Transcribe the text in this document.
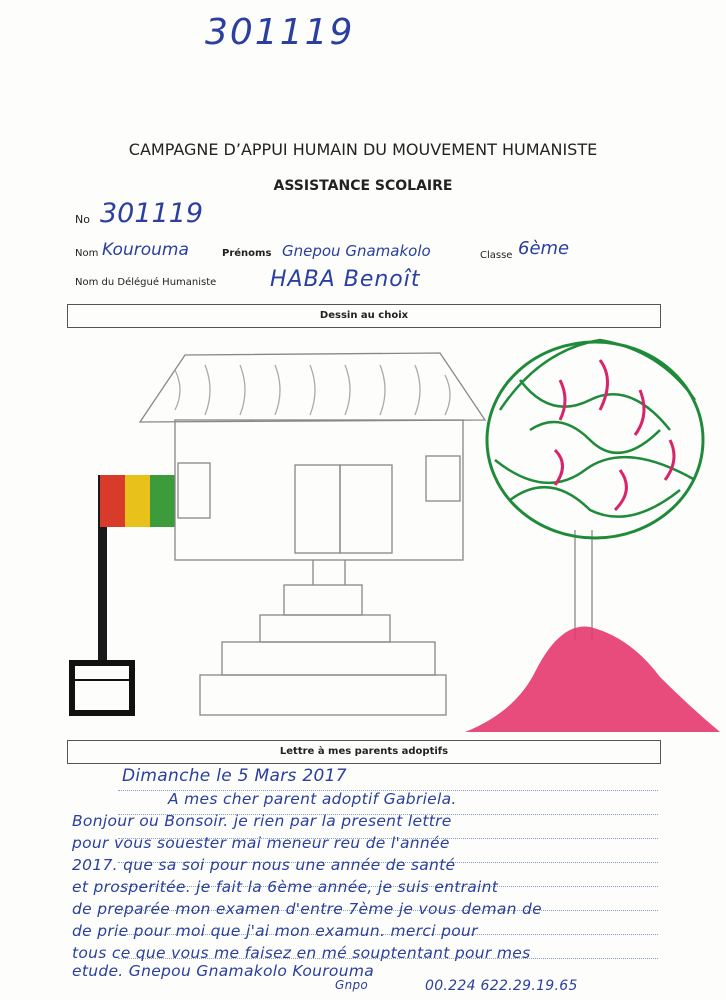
301119
CAMPAGNE D’APPUI HUMAIN DU MOUVEMENT HUMANISTE
ASSISTANCE SCOLAIRE
No 301119
Nom Kouroumа	Prénoms Gnepou Gnamakolo	Classe 6ème
Nom du Délégué Humaniste HABA Benoît
Dessin au choix
Lettre à mes parents adoptifs
Dimanche le 5 Mars 2017
A mes cher parent adoptif Gabriela.
Bonjour ou Bonsoir. je rien par la present lettre
pour vous souester mai meneur reu de l'année
2017. que sa soi pour nous une année de santé
et prosperitée. je fait la 6ème année, je suis entraint
de preparée mon examen d'entre 7ème je vous deman de
de prie pour moi que j'ai mon examun. merci pour
tous ce que vous me faisez en mé souptentant pour mes
etude. Gnepou Gnamakolo Kouroumа
00.224 622.29.19.65
Gnpo
